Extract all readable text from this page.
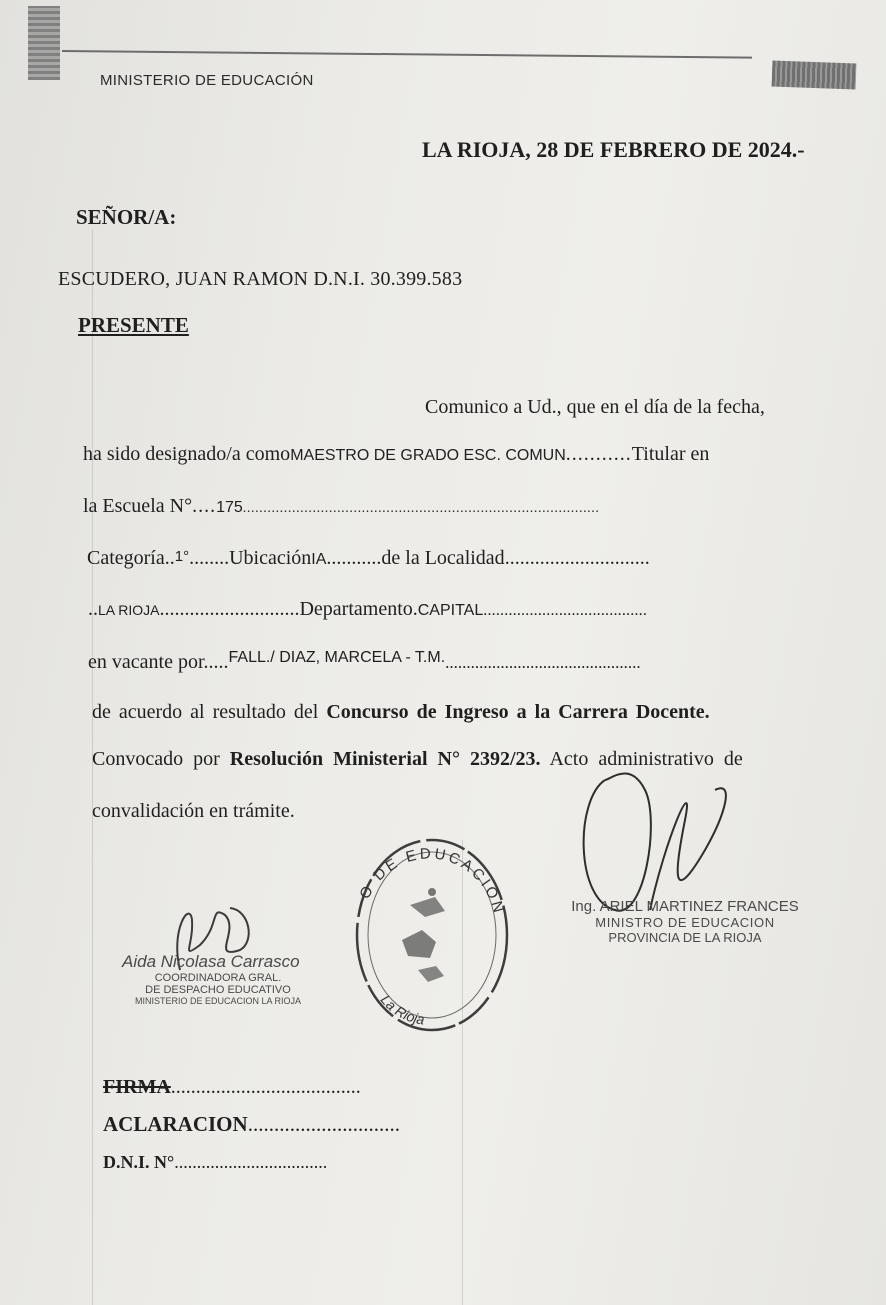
MINISTERIO DE EDUCACIÓN
LA RIOJA, 28 DE FEBRERO DE 2024.-
SEÑOR/A:
ESCUDERO, JUAN RAMON D.N.I. 30.399.583
PRESENTE
Comunico a Ud., que en el día de la fecha,
ha sido designado/a comoMAESTRO DE GRADO ESC. COMUN...........Titular en
la Escuela N°....175.......................................................................................
Categoría..1°........UbicaciónIA...........de la Localidad.............................
..LA RIOJA............................Departamento.CAPITAL.......................................
en vacante por.....$^{FALL./ DIAZ, MARCELA - T.M.}$..............................................
de acuerdo al resultado del Concurso de Ingreso a la Carrera Docente.
Convocado por Resolución Ministerial N° 2392/23. Acto administrativo de
convalidación en trámite.
Aida Nicolasa Carrasco
COORDINADORA GRAL.
DE DESPACHO EDUCATIVO
MINISTERIO DE EDUCACION LA RIOJA
O DE EDUCACION
La Rioja
Ing. ARIEL MARTINEZ FRANCES
MINISTRO DE EDUCACION
PROVINCIA DE LA RIOJA
FIRMA......................................
ACLARACION.............................
D.N.I. N°..................................
